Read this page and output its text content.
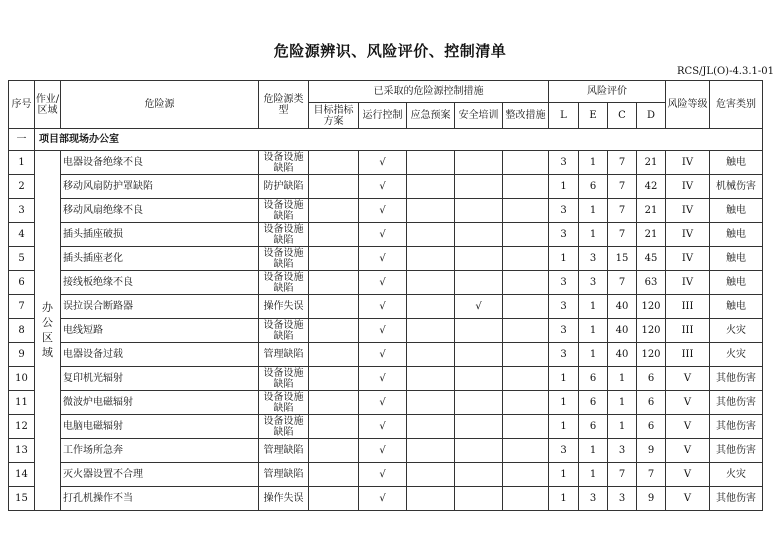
危险源辨识、风险评价、控制清单
RCS/JL(O)-4.3.1-01
序号	作业/区域	危险源	危险源类型	已采取的危险源控制措施					风险评价				风险等级	危害类别
				目标指标方案	运行控制	应急预案	安全培训	整改措施	L	E	C	D		
一	项目部现场办公室													
1	办公区域	电器设备绝缘不良	设备设施缺陷		√				3	1	7	21	IV	触电
2		移动风扇防护罩缺陷	防护缺陷		√				1	6	7	42	IV	机械伤害
3		移动风扇绝缘不良	设备设施缺陷		√				3	1	7	21	IV	触电
4		插头插座破损	设备设施缺陷		√				3	1	7	21	IV	触电
5		插头插座老化	设备设施缺陷		√				1	3	15	45	IV	触电
6		接线板绝缘不良	设备设施缺陷		√				3	3	7	63	IV	触电
7		误拉误合断路器	操作失误		√		√		3	1	40	120	III	触电
8		电线短路	设备设施缺陷		√				3	1	40	120	III	火灾
9		电器设备过载	管理缺陷		√				3	1	40	120	III	火灾
10		复印机光辐射	设备设施缺陷		√				1	6	1	6	V	其他伤害
11		微波炉电磁辐射	设备设施缺陷		√				1	6	1	6	V	其他伤害
12		电脑电磁辐射	设备设施缺陷		√				1	6	1	6	V	其他伤害
13		工作场所急奔	管理缺陷		√				3	1	3	9	V	其他伤害
14		灭火器设置不合理	管理缺陷		√				1	1	7	7	V	火灾
15		打孔机操作不当	操作失误		√				1	3	3	9	V	其他伤害
